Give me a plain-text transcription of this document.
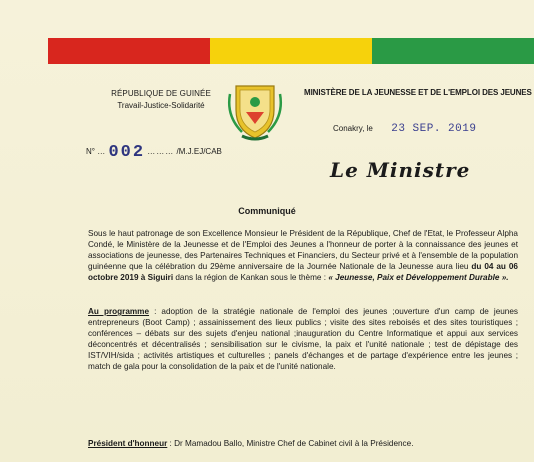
RÉPUBLIQUE DE GUINÉE
Travail-Justice-Solidarité
MINISTÈRE DE LA JEUNESSE ET DE L'EMPLOI DES JEUNES
Conakry, le 23 SEP. 2019
N° … 002 ……… /M.J.EJ/CAB
Le Ministre
Communiqué
Sous le haut patronage de son Excellence Monsieur le Président de la République, Chef de l'Etat, le Professeur Alpha Condé, le Ministère de la Jeunesse et de l'Emploi des Jeunes a l'honneur de porter à la connaissance des jeunes et associations de jeunesse, des Partenaires Techniques et Financiers, du Secteur privé et à l'ensemble de la population guinéenne que la célébration du 29ème anniversaire de la Journée Nationale de la Jeunesse aura lieu du 04 au 06 octobre 2019 à Siguiri dans la région de Kankan sous le thème : « Jeunesse, Paix et Développement Durable ».
Au programme : adoption de la stratégie nationale de l'emploi des jeunes ;ouverture d'un camp de jeunes entrepreneurs (Boot Camp) ; assainissement des lieux publics ; visite des sites reboisés et des sites touristiques ; conférences – débats sur des sujets d'enjeu national ;inauguration du Centre Informatique et appui aux services déconcentrés et décentralisés ; sensibilisation sur le civisme, la paix et l'unité nationale ; test de dépistage des IST/VIH/sida ; activités artistiques et culturelles ; panels d'échanges et de partage d'expérience entre les jeunes ; match de gala pour la consolidation de la paix et de l'unité nationale.
Président d'honneur : Dr Mamadou Ballo, Ministre Chef de Cabinet civil à la Présidence.
